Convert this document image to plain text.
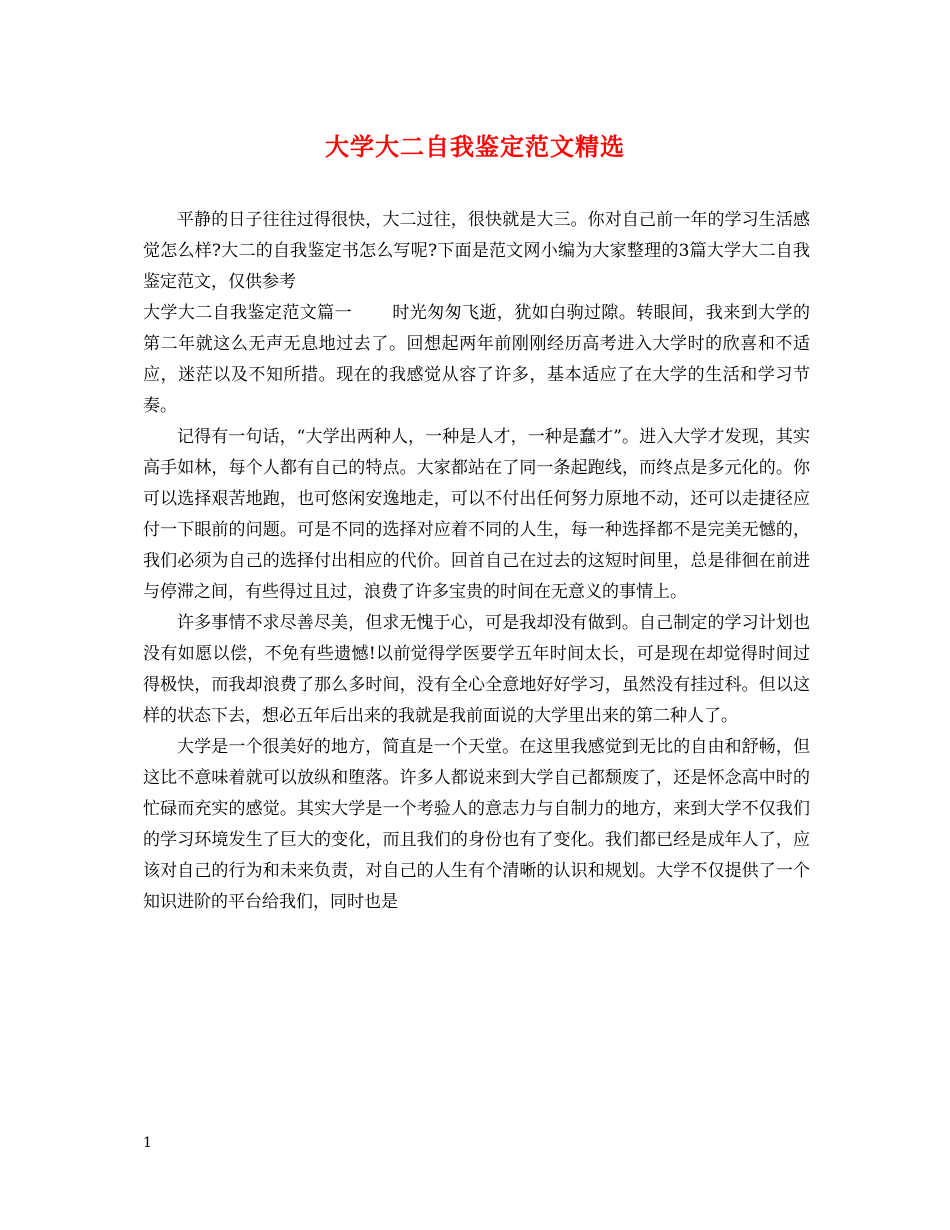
大学大二自我鉴定范文精选

平静的日子往往过得很快，大二过往，很快就是大三。你对自己前一年的学习生活感觉怎么样?大二的自我鉴定书怎么写呢?下面是范文网小编为大家整理的3篇大学大二自我鉴定范文，仅供参考

大学大二自我鉴定范文篇一 时光匆匆飞逝，犹如白驹过隙。转眼间，我来到大学的第二年就这么无声无息地过去了。回想起两年前刚刚经历高考进入大学时的欣喜和不适应，迷茫以及不知所措。现在的我感觉从容了许多，基本适应了在大学的生活和学习节奏。

记得有一句话，“大学出两种人，一种是人才，一种是蠢才”。进入大学才发现，其实高手如林，每个人都有自己的特点。大家都站在了同一条起跑线，而终点是多元化的。你可以选择艰苦地跑，也可悠闲安逸地走，可以不付出任何努力原地不动，还可以走捷径应付一下眼前的问题。可是不同的选择对应着不同的人生，每一种选择都不是完美无憾的，我们必须为自己的选择付出相应的代价。回首自己在过去的这短时间里，总是徘徊在前进与停滞之间，有些得过且过，浪费了许多宝贵的时间在无意义的事情上。

许多事情不求尽善尽美，但求无愧于心，可是我却没有做到。自己制定的学习计划也没有如愿以偿，不免有些遗憾!以前觉得学医要学五年时间太长，可是现在却觉得时间过得极快，而我却浪费了那么多时间，没有全心全意地好好学习，虽然没有挂过科。但以这样的状态下去，想必五年后出来的我就是我前面说的大学里出来的第二种人了。

大学是一个很美好的地方，简直是一个天堂。在这里我感觉到无比的自由和舒畅，但这比不意味着就可以放纵和堕落。许多人都说来到大学自己都颓废了，还是怀念高中时的忙碌而充实的感觉。其实大学是一个考验人的意志力与自制力的地方，来到大学不仅我们的学习环境发生了巨大的变化，而且我们的身份也有了变化。我们都已经是成年人了，应该对自己的行为和未来负责，对自己的人生有个清晰的认识和规划。大学不仅提供了一个知识进阶的平台给我们，同时也是

1
